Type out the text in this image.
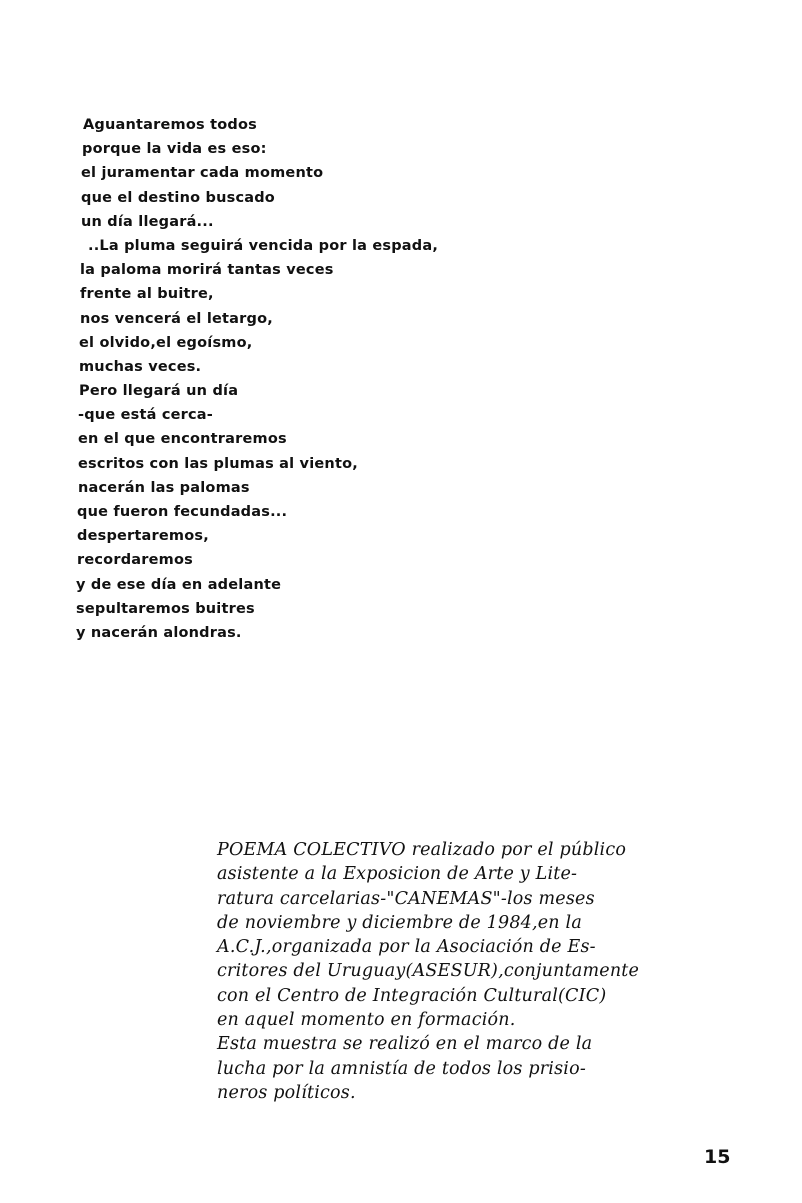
Aguantaremos todos
porque la vida es eso:
el juramentar cada momento
que el destino buscado
un día llegará...
..La pluma seguirá vencida por la espada,
la paloma morirá tantas veces
frente al buitre,
nos vencerá el letargo,
el olvido,el egoísmo,
muchas veces.
Pero llegará un día
-que está cerca-
en el que encontraremos
escritos con las plumas al viento,
nacerán las palomas
que fueron fecundadas...
despertaremos,
recordaremos
y de ese día en adelante
sepultaremos buitres
y nacerán alondras.
POEMA COLECTIVO realizado por el público
asistente a la Exposicion de Arte y Lite-
ratura carcelarias-"CANEMAS"-los meses
de noviembre y diciembre de 1984,en la
A.C.J.,organizada por la Asociación de Es-
critores del Uruguay(ASESUR),conjuntamente
con el Centro de Integración Cultural(CIC)
en aquel momento en formación.
Esta muestra se realizó en el marco de la
lucha por la amnistía de todos los prisio-
neros políticos.
15
